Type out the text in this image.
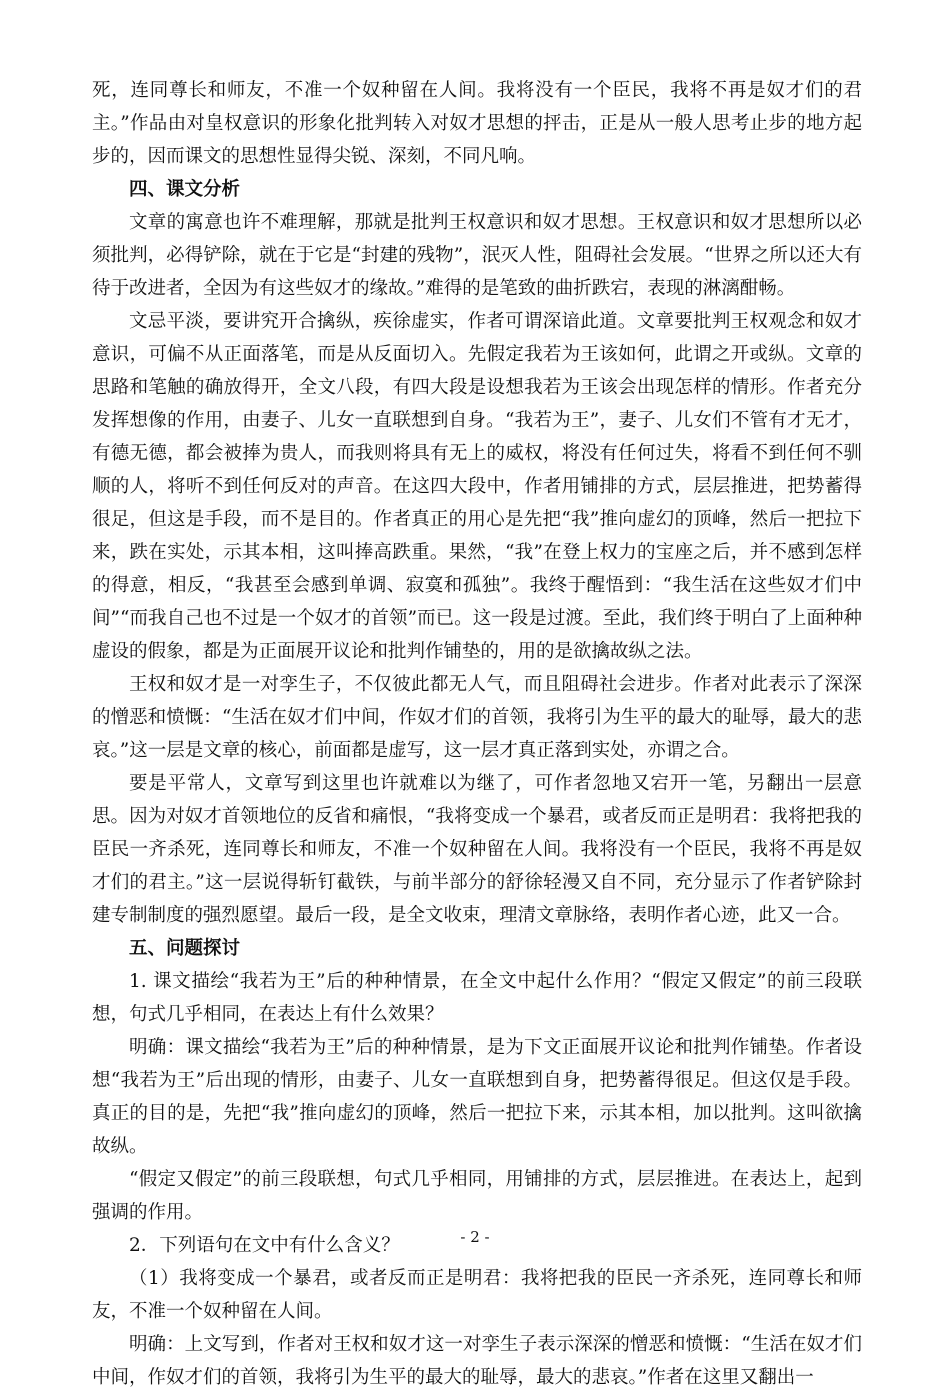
死，连同尊长和师友，不准一个奴种留在人间。我将没有一个臣民，我将不再是奴才们的君主。”作品由对皇权意识的形象化批判转入对奴才思想的抨击，正是从一般人思考止步的地方起步的，因而课文的思想性显得尖锐、深刻，不同凡响。

四、课文分析

文章的寓意也许不难理解，那就是批判王权意识和奴才思想。王权意识和奴才思想所以必须批判，必得铲除，就在于它是“封建的残物”，泯灭人性，阻碍社会发展。“世界之所以还大有待于改进者，全因为有这些奴才的缘故。”难得的是笔致的曲折跌宕，表现的淋漓酣畅。

文忌平淡，要讲究开合擒纵，疾徐虚实，作者可谓深谙此道。文章要批判王权观念和奴才意识，可偏不从正面落笔，而是从反面切入。先假定我若为王该如何，此谓之开或纵。文章的思路和笔触的确放得开，全文八段，有四大段是设想我若为王该会出现怎样的情形。作者充分发挥想像的作用，由妻子、儿女一直联想到自身。“我若为王”，妻子、儿女们不管有才无才，有德无德，都会被捧为贵人，而我则将具有无上的威权，将没有任何过失，将看不到任何不驯顺的人，将听不到任何反对的声音。在这四大段中，作者用铺排的方式，层层推进，把势蓄得很足，但这是手段，而不是目的。作者真正的用心是先把“我”推向虚幻的顶峰，然后一把拉下来，跌在实处，示其本相，这叫捧高跌重。果然，“我”在登上权力的宝座之后，并不感到怎样的得意，相反，“我甚至会感到单调、寂寞和孤独”。我终于醒悟到：“我生活在这些奴才们中间”“而我自己也不过是一个奴才的首领”而已。这一段是过渡。至此，我们终于明白了上面种种虚设的假象，都是为正面展开议论和批判作铺垫的，用的是欲擒故纵之法。

王权和奴才是一对孪生子，不仅彼此都无人气，而且阻碍社会进步。作者对此表示了深深的憎恶和愤慨：“生活在奴才们中间，作奴才们的首领，我将引为生平的最大的耻辱，最大的悲哀。”这一层是文章的核心，前面都是虚写，这一层才真正落到实处，亦谓之合。

要是平常人，文章写到这里也许就难以为继了，可作者忽地又宕开一笔，另翻出一层意思。因为对奴才首领地位的反省和痛恨，“我将变成一个暴君，或者反而正是明君：我将把我的臣民一齐杀死，连同尊长和师友，不准一个奴种留在人间。我将没有一个臣民，我将不再是奴才们的君主。”这一层说得斩钉截铁，与前半部分的舒徐轻漫又自不同，充分显示了作者铲除封建专制制度的强烈愿望。最后一段，是全文收束，理清文章脉络，表明作者心迹，此又一合。

五、问题探讨

1. 课文描绘“我若为王”后的种种情景，在全文中起什么作用？“假定又假定”的前三段联想，句式几乎相同，在表达上有什么效果？

明确：课文描绘“我若为王”后的种种情景，是为下文正面展开议论和批判作铺垫。作者设想“我若为王”后出现的情形，由妻子、儿女一直联想到自身，把势蓄得很足。但这仅是手段。真正的目的是，先把“我”推向虚幻的顶峰，然后一把拉下来，示其本相，加以批判。这叫欲擒故纵。

“假定又假定”的前三段联想，句式几乎相同，用铺排的方式，层层推进。在表达上，起到强调的作用。

2．下列语句在文中有什么含义？

（1）我将变成一个暴君，或者反而正是明君：我将把我的臣民一齐杀死，连同尊长和师友，不准一个奴种留在人间。

明确：上文写到，作者对王权和奴才这一对孪生子表示深深的憎恶和愤慨：“生活在奴才们中间，作奴才们的首领，我将引为生平的最大的耻辱，最大的悲哀。”作者在这里又翻出一

- 2 -
